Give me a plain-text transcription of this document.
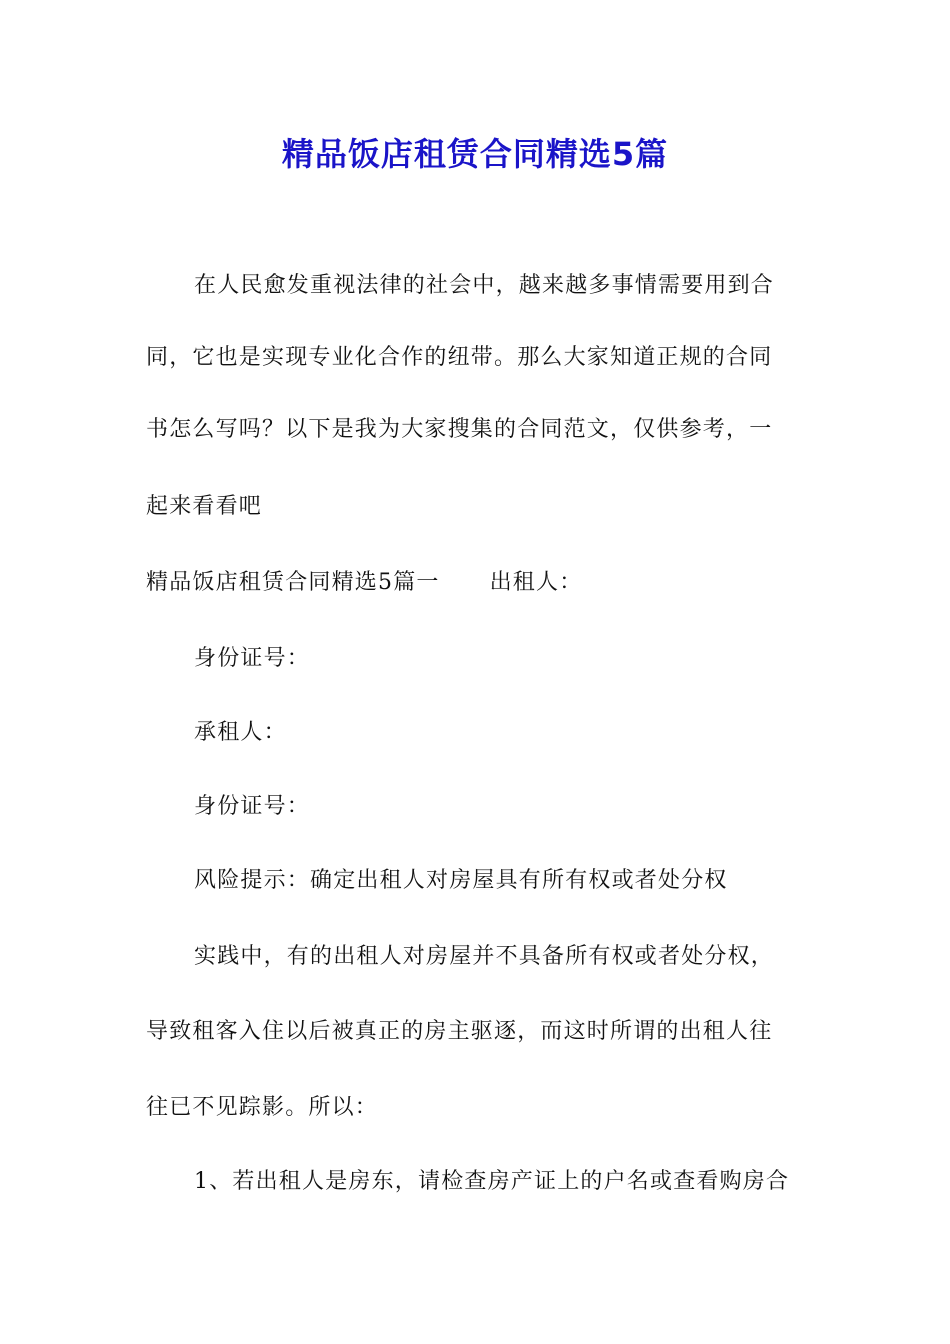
精品饭店租赁合同精选5篇
在人民愈发重视法律的社会中，越来越多事情需要用到合
同，它也是实现专业化合作的纽带。那么大家知道正规的合同
书怎么写吗？以下是我为大家搜集的合同范文，仅供参考，一
起来看看吧
精品饭店租赁合同精选5篇一 出租人：
身份证号：
承租人：
身份证号：
风险提示：确定出租人对房屋具有所有权或者处分权
实践中，有的出租人对房屋并不具备所有权或者处分权，
导致租客入住以后被真正的房主驱逐，而这时所谓的出租人往
往已不见踪影。所以：
1、若出租人是房东，请检查房产证上的户名或查看购房合
